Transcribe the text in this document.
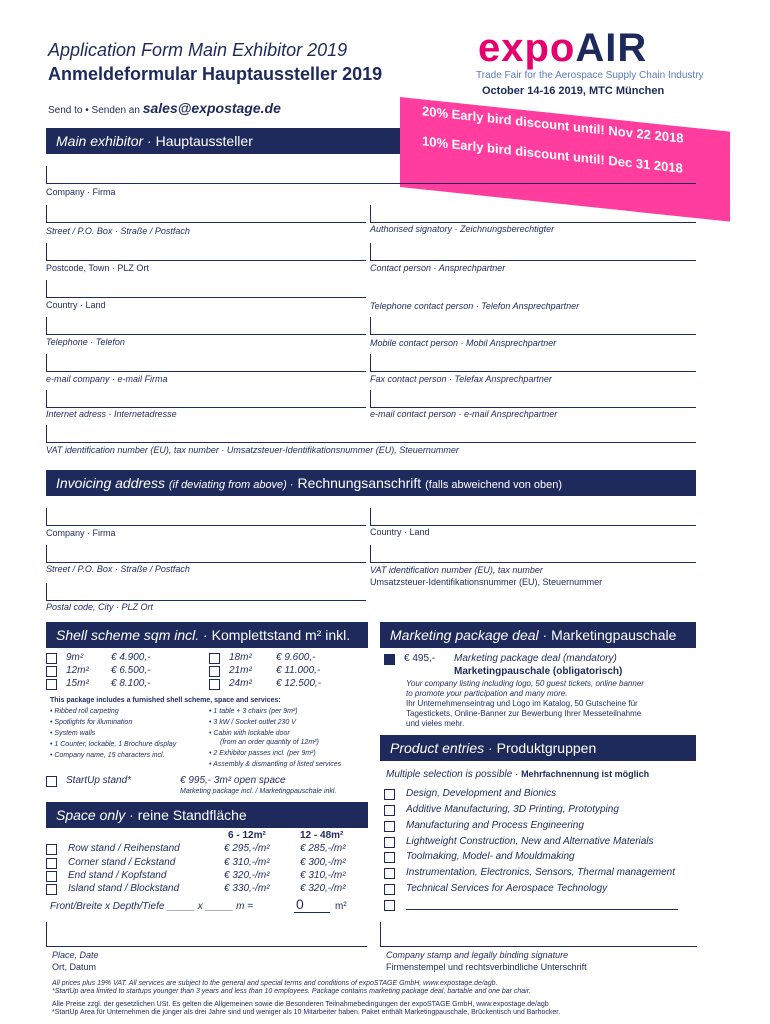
Application Form Main Exhibitor 2019
Anmeldeformular Hauptaussteller 2019
Send to • Senden an sales@expostage.de
expoAIR
Trade Fair for the Aerospace Supply Chain Industry
October 14-16 2019, MTC München
Main exhibitor · Hauptaussteller	20% Early bird discount until! Nov 22 2018
10% Early bird discount until! Dec 31 2018
Company · Firma
Street / P.O. Box · Straße / Postfach	Authorised signatory · Zeichnungsberechtigter
Postcode, Town · PLZ Ort	Contact person · Ansprechpartner
Country · Land	Telephone contact person · Telefon Ansprechpartner
Telephone · Telefon	Mobile contact person · Mobil Ansprechpartner
e-mail company · e-mail Firma	Fax contact person · Telefax Ansprechpartner
Internet adress · Internetadresse	e-mail contact person · e-mail Ansprechpartner
VAT identification number (EU), tax number · Umsatzsteuer-Identifikationsnummer (EU), Steuernummer
Invoicing address (if deviating from above) · Rechnungsanschrift (falls abweichend von oben)
Company · Firma	Country · Land
Street / P.O. Box · Straße / Postfach	VAT identification number (EU), tax number
Umsatzsteuer-Identifikationsnummer (EU), Steuernummer
Postal code, City · PLZ Ort
Shell scheme sqm incl. · Komplettstand m² inkl.
9m²	€ 4.900,-
12m² € 6.500,-
15m² € 8.100,-
18m² € 9.600,-
21m² € 11.000,-
24m² € 12.500,-
This package includes a furnished shell scheme, space and services:
• Ribbed roll carpeting
• Spotlights for illumination
• System walls
• 1 Counter, lockable, 1 Brochure display
• Company name, 15 characters incl.
• 1 table + 3 chairs (per 9m²)
• 3 kW / Socket outlet 230 V
• Cabin with lockable door
(from an order quantity of 12m²)
• 2 Exhibitor passes incl. (per 9m²)
• Assembly & dismantling of listed services
StartUp stand*	€ 995,- 3m² open space
Marketing package incl. / Marketingpauschale inkl.
Space only · reine Standfläche
6 - 12m²	12 - 48m²
Row stand / Reihenstand	€ 295,-/m²	€ 285,-/m²
Corner stand / Eckstand	€ 310,-/m²	€ 300,-/m²
End stand / Kopfstand	€ 320,-/m²	€ 310,-/m²
Island stand / Blockstand	€ 330,-/m²	€ 320,-/m²
Front/Breite x Depth/Tiefe _____ x _____ m =	0	m²
Marketing package deal · Marketingpauschale
€ 495,- Marketing package deal (mandatory)
Marketingpauschale (obligatorisch)
Your company listing including logo, 50 guest tickets, online banner
to promote your participation and many more.
Ihr Unternehmenseintrag und Logo im Katalog, 50 Gutscheine für
Tagestickets, Online-Banner zur Bewerbung Ihrer Messeteilnahme
und vieles mehr.
Product entries · Produktgruppen
Multiple selection is possible · Mehrfachnennung ist möglich
Design, Development and Bionics
Additive Manufacturing, 3D Printing, Prototyping
Manufacturing and Process Engineering
Lightweight Construction, New and Alternative Materials
Toolmaking, Model- and Mouldmaking
Instrumentation, Electronics, Sensors, Thermal management
Technical Services for Aerospace Technology
Place, Date
Ort, Datum
Company stamp and legally binding signature
Firmenstempel und rechtsverbindliche Unterschrift
All prices plus 19% VAT. All services are subject to the general and special terms and conditions of expoSTAGE GmbH, www.expostage.de/agb.
*StartUp area limited to startups younger than 3 years and less than 10 employees. Package contains marketing package deal, bartable and one bar chair.
Alle Preise zzgl. der gesetzlichen USt. Es gelten die Allgemeinen sowie die Besonderen Teilnahmebedingungen der expoSTAGE GmbH, www.expostage.de/agb
*StartUp Area für Unternehmen die jünger als drei Jahre sind und weniger als 10 Mitarbeiter haben. Paket enthält Marketingpauschale, Brückentisch und Barhocker.
